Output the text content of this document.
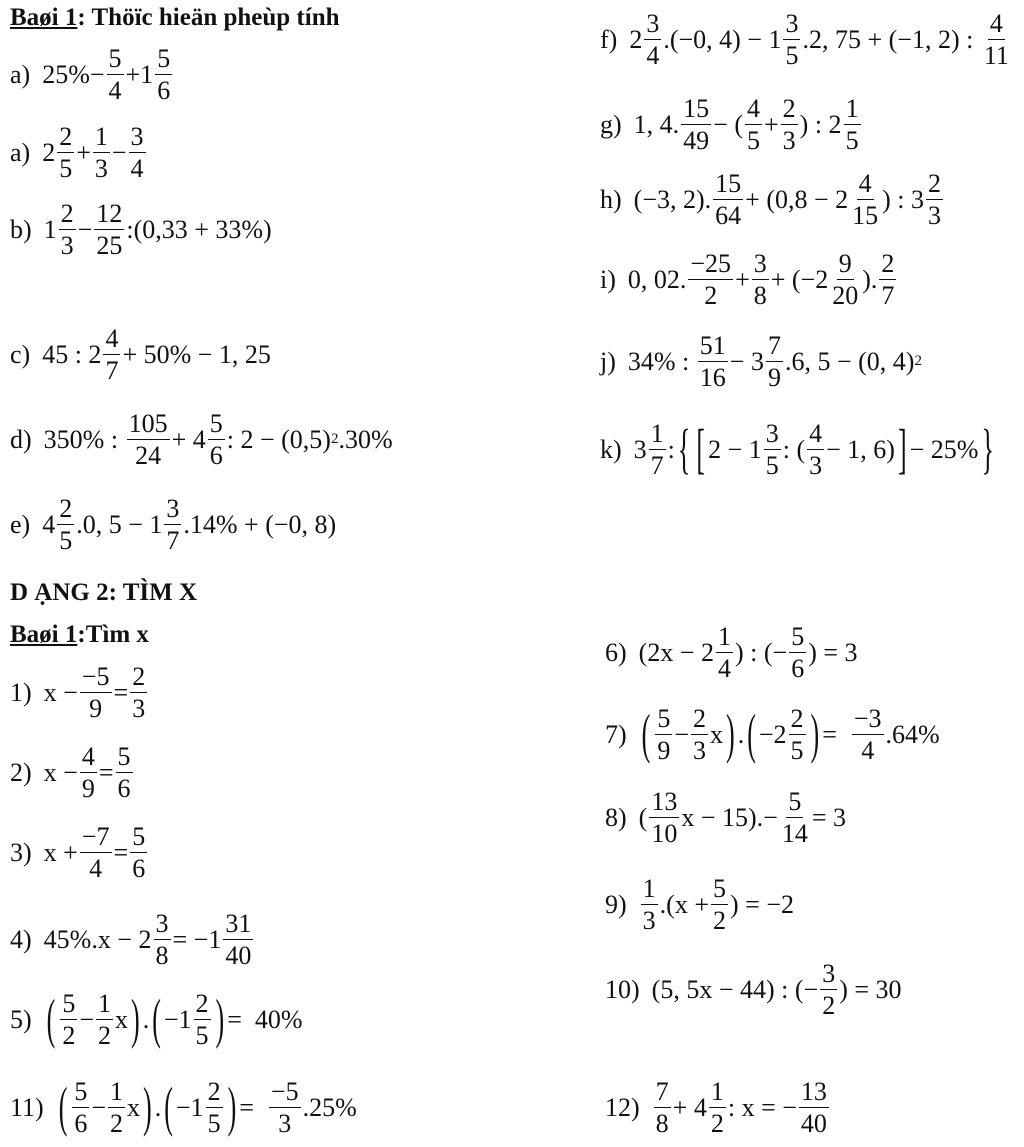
Baøi 1: Thöïc hieän pheùp tính
D ẠNG 2: TÌM X
Baøi 1:Tìm x
a) $25\%- \frac{5}{4} +1 \frac{5}{6}$
a) $2 \frac{2}{5} + \frac{1}{3} - \frac{3}{4}$
b) $1 \frac{2}{3} - \frac{12}{25}$ :(0,33 + 33%)
c) 45 : $2 \frac{4}{7} + 50\% - 1$, 25
d) 350% : $\frac{105}{24} + 4 \frac{5}{6}$ : 2 − (0,5) 2 .30%
e) $4 \frac{2}{5} .0$, $5 - 1 \frac{3}{7} .14\% + (-0$, 8)
f) $2 \frac{3}{4} .(-0$, $4) - 1 \frac{3}{5} .2$, 75 + (−1, 2) : $\frac{4}{11}$
g) 1, 4. $\frac{15}{49}$ − ( $\frac{4}{5} + \frac{2}{3}$ ) : $2 \frac{1}{5}$
h) (−3, 2). $\frac{15}{64} + (0,8 - 2 \frac{4}{15}$ ) : $3 \frac{2}{3}$
i) 0, 02. $\frac{-25}{2} + \frac{3}{8} + (-2 \frac{9}{20}$ ). $\frac{2}{7}$
j) 34% : $\frac{51}{16} - 3 \frac{7}{9} .6$, 5 − (0, 4) 2
k) $3 \frac{1}{7}$ : { [ $2 - 1 \frac{3}{5}$ : ( $\frac{4}{3} - 1$, 6) ] − 25% }
1) $x - \frac{-5}{9} = \frac{2}{3}$
2) $x - \frac{4}{9} = \frac{5}{6}$
3) $x + \frac{-7}{4} = \frac{5}{6}$
4) $45\%.x - 2 \frac{3}{8} = -1 \frac{31}{40}$
5) ( $\frac{5}{2} - \frac{1}{2}$ x ) . ( $-1 \frac{2}{5}$ ) =  40%
11) ( $\frac{5}{6} - \frac{1}{2}$ x ) . ( $-1 \frac{2}{5}$ ) = $\frac{-5}{3} .25\%$
6) ($2x - 2 \frac{1}{4}$ ) : (− $\frac{5}{6}$ ) = 3
7) ( $\frac{5}{9} - \frac{2}{3}$ x ) . ( $-2 \frac{2}{5}$ ) = $\frac{-3}{4} .64\%$
8) ( $\frac{13}{10}$ $x - 15).- \frac{5}{14} = 3$
$9) \frac{1}{3} .(x + \frac{5}{2}$ ) = −2
10) (5, 5x − 44) : (− $\frac{3}{2}$ ) = 30
$12) \frac{7}{8} + 4 \frac{1}{2}$ : x = − $\frac{13}{40}$
